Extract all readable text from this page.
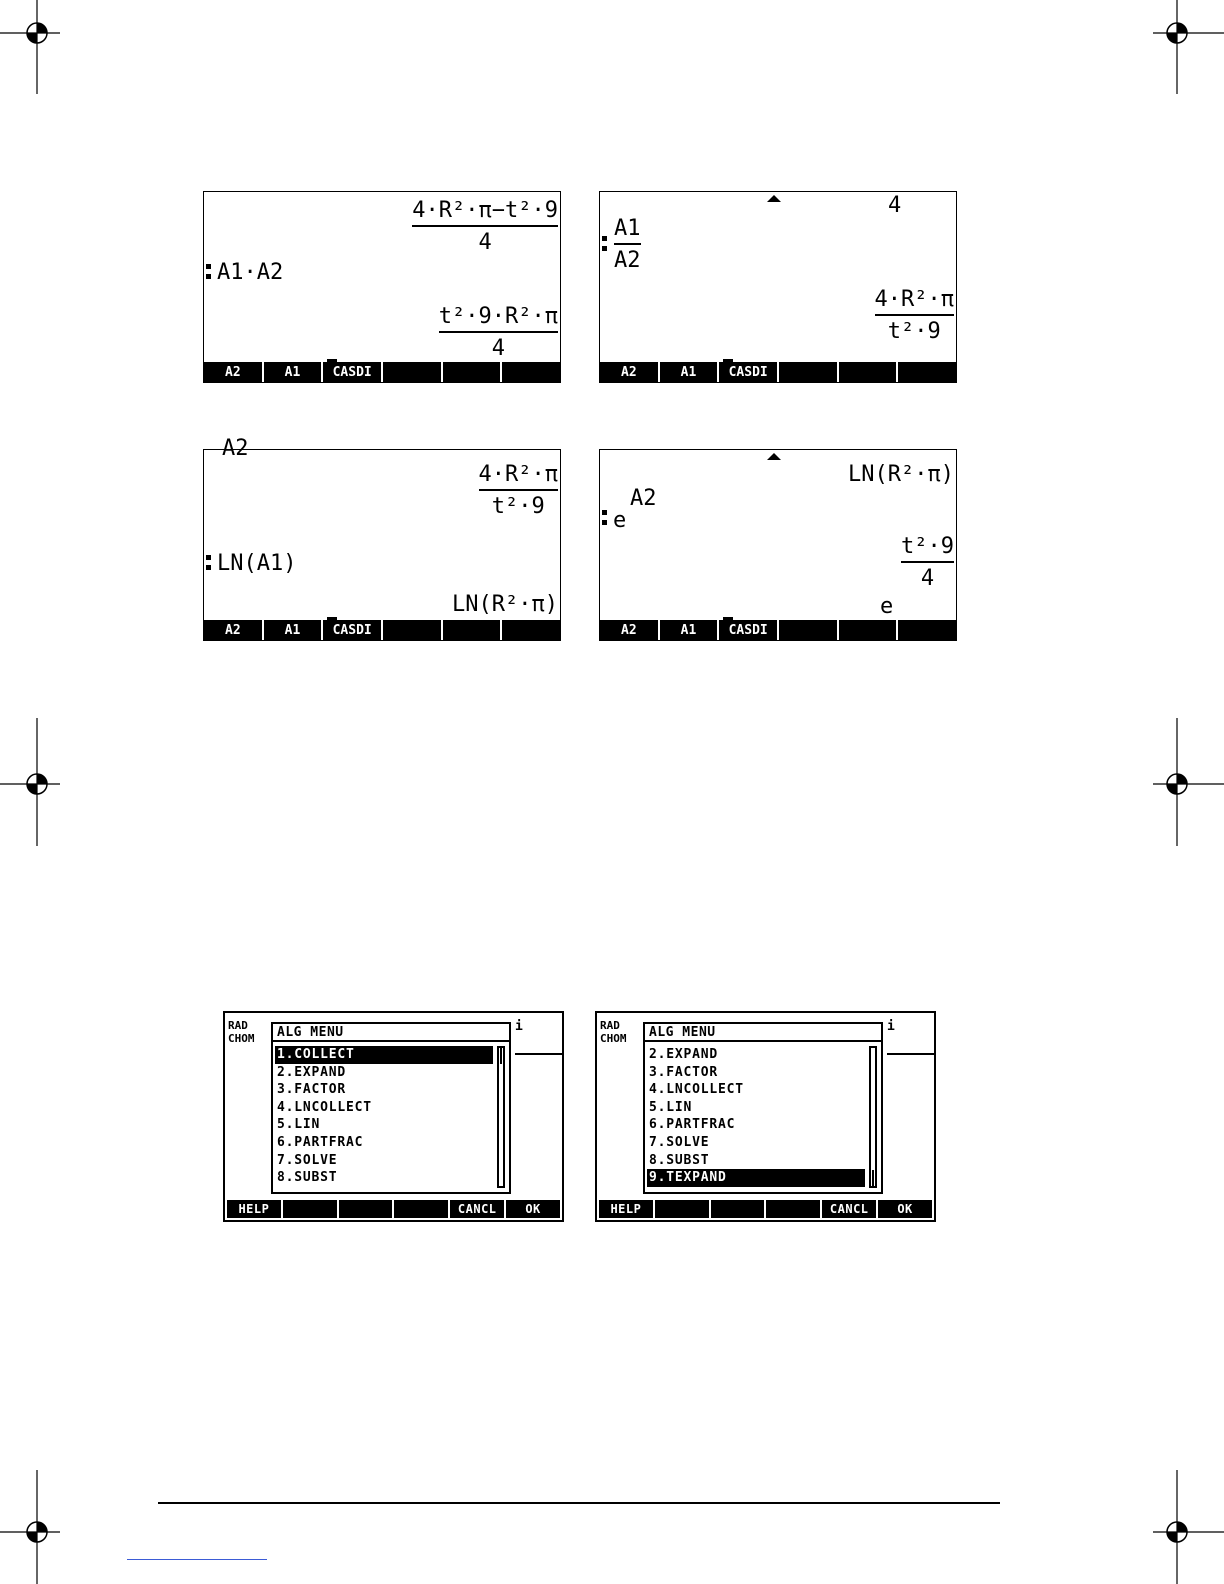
4·R²·π−t²·9
4
A1·A2
t²·9·R²·π
4
A2	A1	CASDI
4
A1
A2
4·R²·π
t²·9
A2	A1	CASDI
A2
4·R²·π
t²·9
LN(A1)
LN(R²·π)
A2	A1	CASDI
LN(R²·π)
e
A2
t²·9
4
e
A2	A1	CASDI
RAD
CHOM
i
ALG MENU
1.COLLECT
2.EXPAND
3.FACTOR
4.LNCOLLECT
5.LIN
6.PARTFRAC
7.SOLVE
8.SUBST
HELP	CANCL	OK
RAD
CHOM
i
ALG MENU
2.EXPAND
3.FACTOR
4.LNCOLLECT
5.LIN
6.PARTFRAC
7.SOLVE
8.SUBST
9.TEXPAND
HELP	CANCL	OK
